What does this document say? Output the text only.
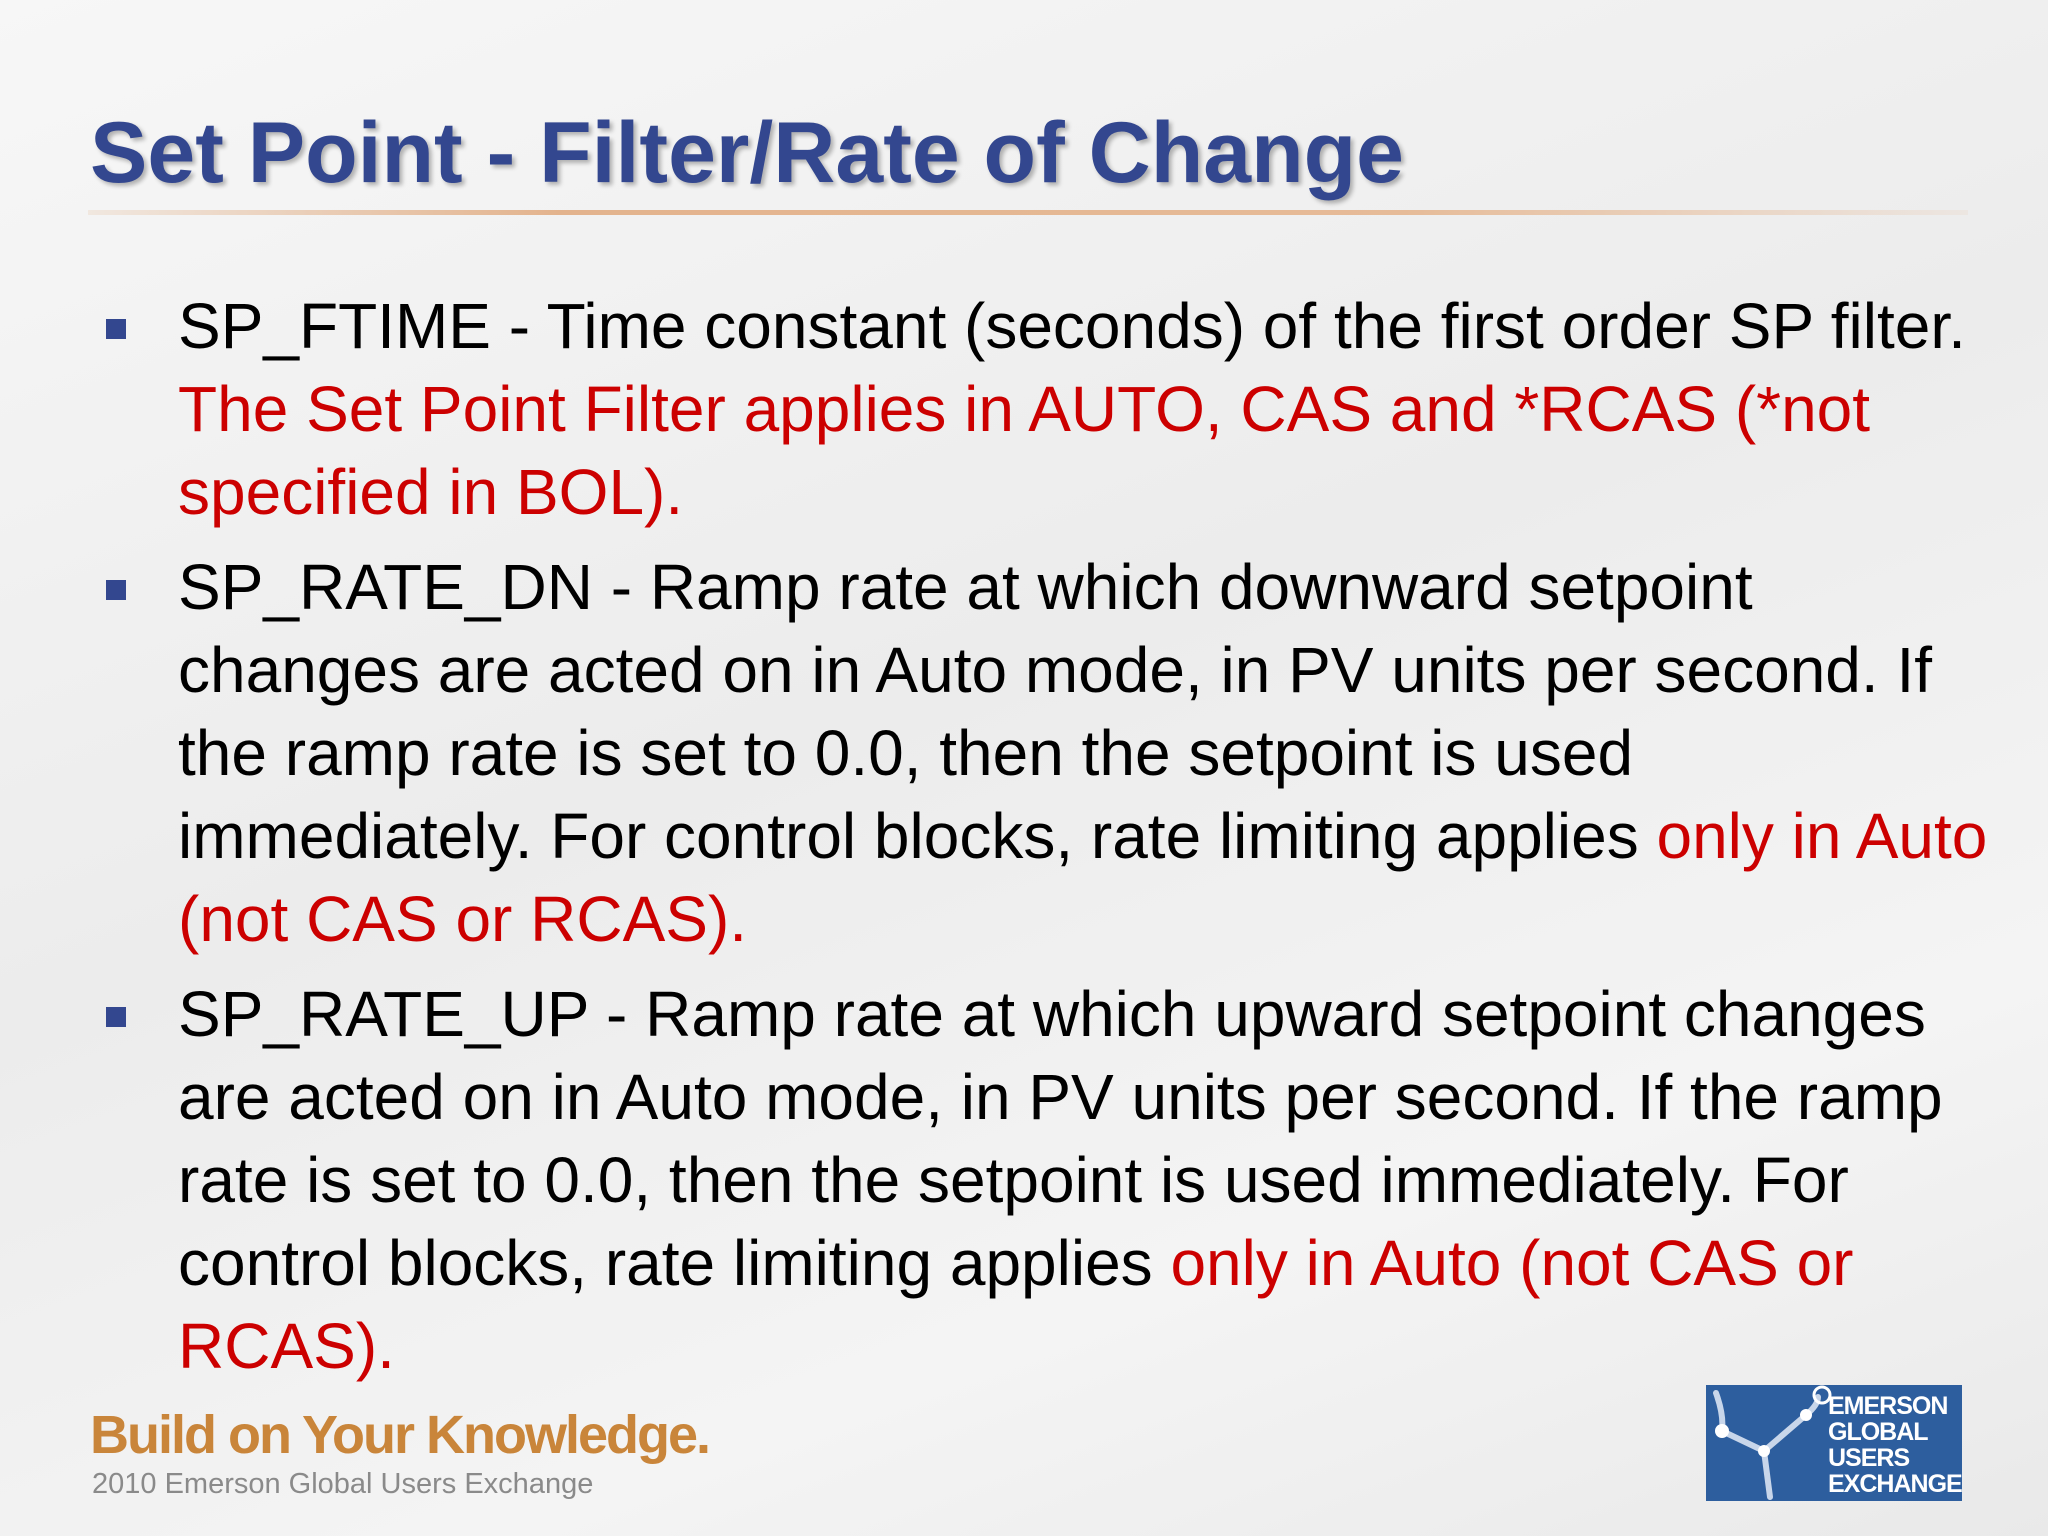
Set Point - Filter/Rate of Change
SP_FTIME - Time constant (seconds) of the first order SP filter. The Set Point Filter applies in AUTO, CAS and *RCAS (*not specified in BOL).
SP_RATE_DN - Ramp rate at which downward setpoint changes are acted on in Auto mode, in PV units per second. If the ramp rate is set to 0.0, then the setpoint is used immediately. For control blocks, rate limiting applies only in Auto (not CAS or RCAS).
SP_RATE_UP - Ramp rate at which upward setpoint changes are acted on in Auto mode, in PV units per second. If the ramp rate is set to 0.0, then the setpoint is used immediately. For control blocks, rate limiting applies only in Auto (not CAS or RCAS).
Build on Your Knowledge.
2010 Emerson Global Users Exchange
EMERSON
GLOBAL
USERS
EXCHANGE
